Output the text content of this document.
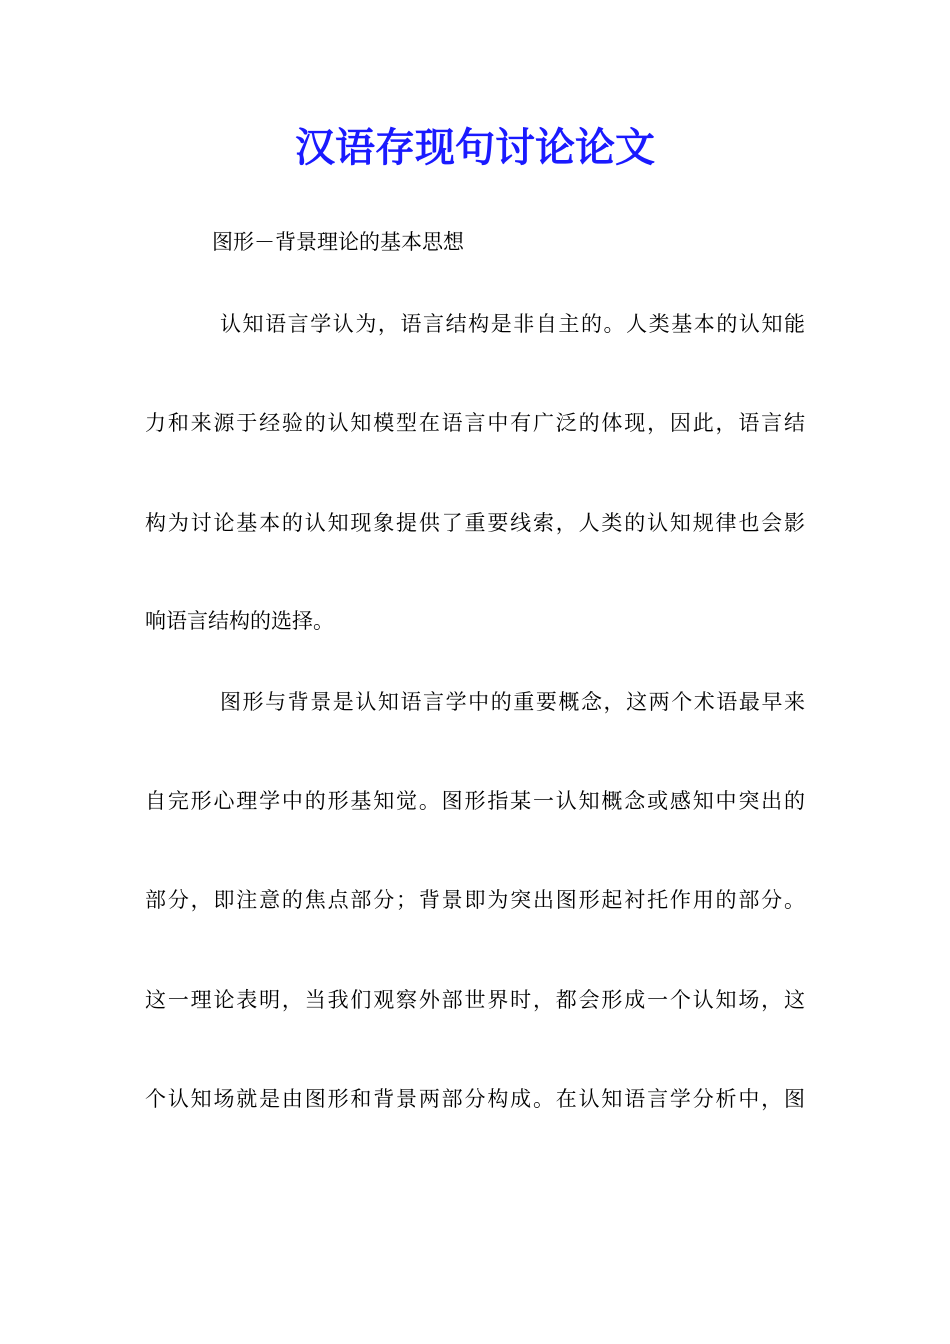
汉语存现句讨论论文

图形－背景理论的基本思想

认知语言学认为，语言结构是非自主的。人类基本的认知能

力和来源于经验的认知模型在语言中有广泛的体现，因此，语言结

构为讨论基本的认知现象提供了重要线索，人类的认知规律也会影

响语言结构的选择。

图形与背景是认知语言学中的重要概念，这两个术语最早来

自完形心理学中的形基知觉。图形指某一认知概念或感知中突出的

部分，即注意的焦点部分；背景即为突出图形起衬托作用的部分。

这一理论表明，当我们观察外部世界时，都会形成一个认知场，这

个认知场就是由图形和背景两部分构成。在认知语言学分析中，图
